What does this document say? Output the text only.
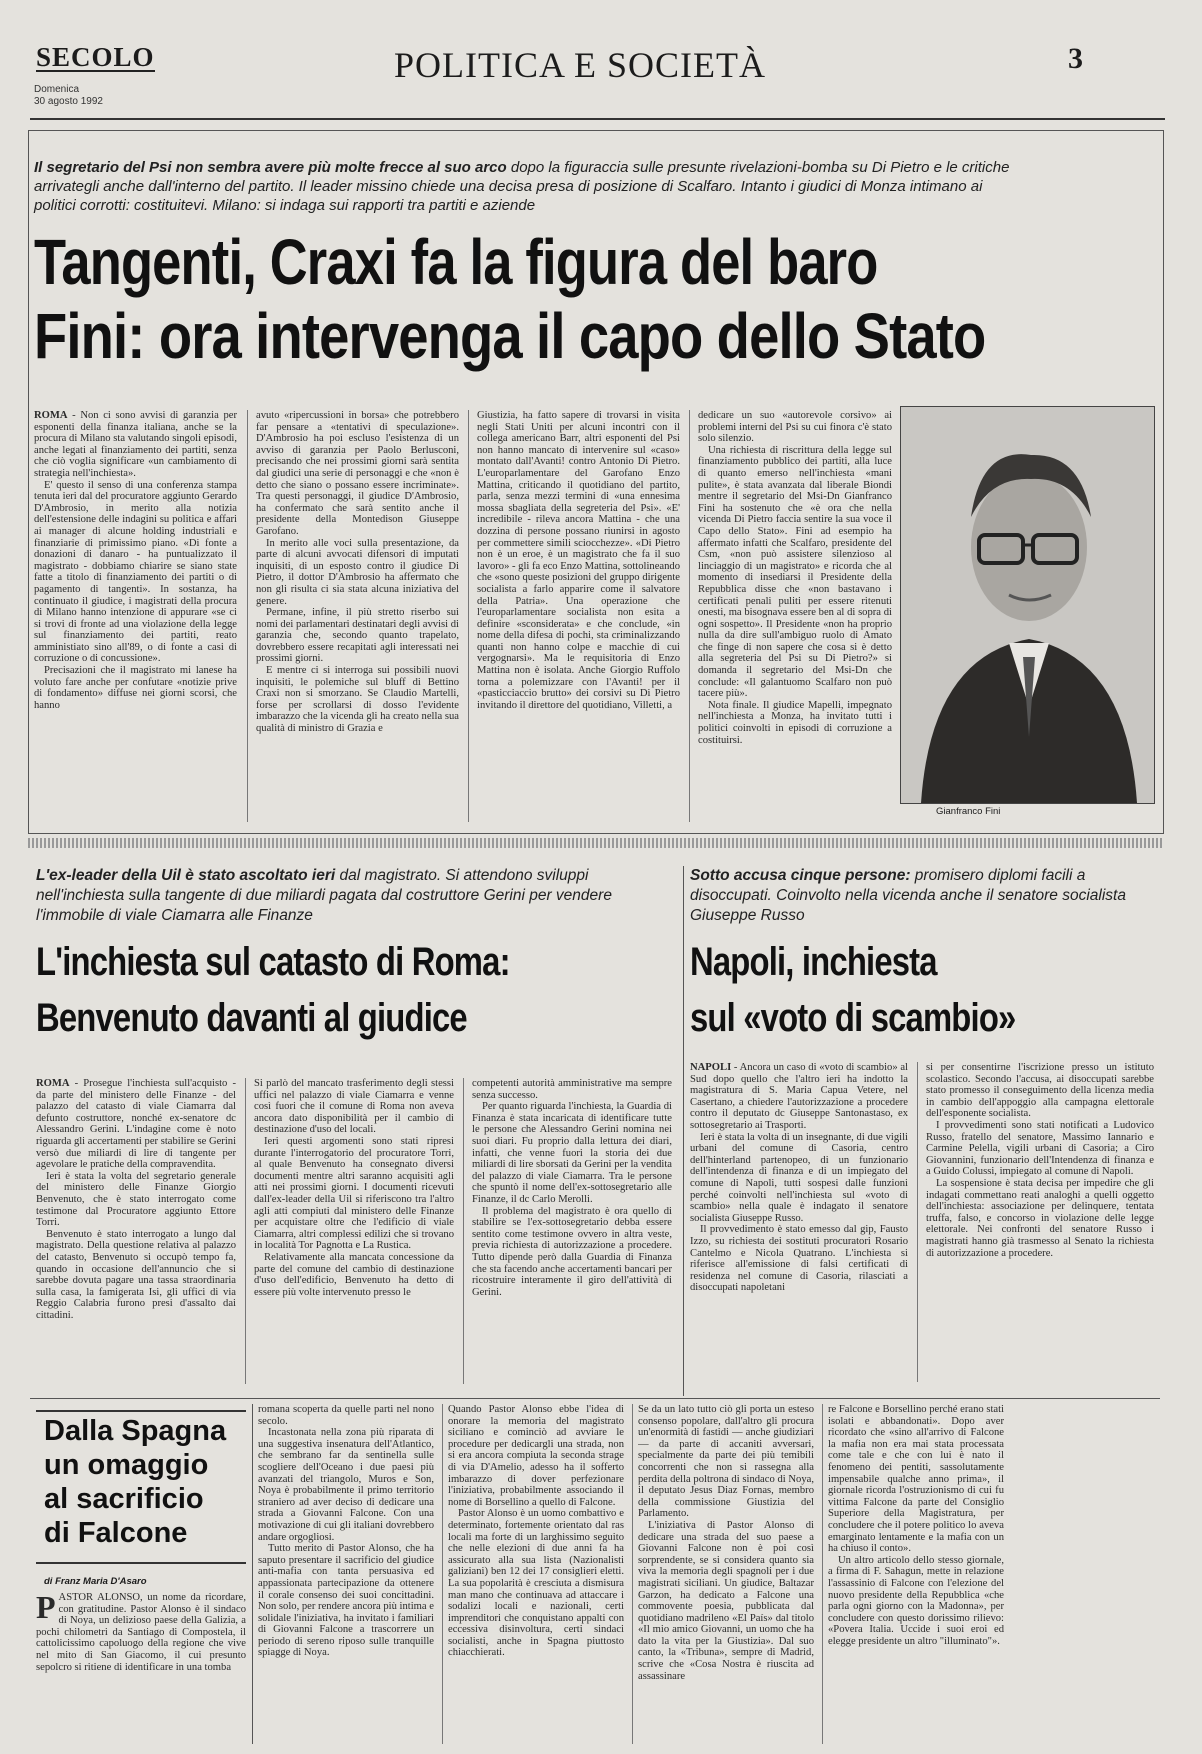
SECOLO
Domenica
30 agosto 1992
POLITICA E SOCIETÀ	3
Il segretario del Psi non sembra avere più molte frecce al suo arco dopo la figuraccia sulle presunte rivelazioni-bomba su Di Pietro e le critiche arrivategli anche dall'interno del partito. Il leader missino chiede una decisa presa di posizione di Scalfaro. Intanto i giudici di Monza intimano ai politici corrotti: costituitevi. Milano: si indaga sui rapporti tra partiti e aziende
Tangenti, Craxi fa la figura del baro
Fini: ora intervenga il capo dello Stato

ROMA - Non ci sono avvisi di garanzia per esponenti della finanza italiana, anche se la procura di Milano sta valutando singoli episodi, anche legati al finanziamento dei partiti, senza che ciò voglia significare «un cambiamento di strategia nell'inchiesta».

E' questo il senso di una conferenza stampa tenuta ieri dal del procuratore aggiunto Gerardo D'Ambrosio, in merito alla notizia dell'estensione delle indagini su politica e affari ai manager di alcune holding industriali e finanziarie di primissimo piano. «Di fonte a donazioni di danaro - ha puntualizzato il magistrato - dobbiamo chiarire se siano state fatte a titolo di finanziamento dei partiti o di pagamento di tangenti». In sostanza, ha continuato il giudice, i magistrati della procura di Milano hanno intenzione di appurare «se ci si trovi di fronte ad una violazione della legge sul finanziamento dei partiti, reato amministiato sino all'89, o di fonte a casi di corruzione o di concussione».

Precisazioni che il magistrato mi lanese ha voluto fare anche per confutare «notizie prive di fondamento» diffuse nei giorni scorsi, che hanno

avuto «ripercussioni in borsa» che potrebbero far pensare a «tentativi di speculazione». D'Ambrosio ha poi escluso l'esistenza di un avviso di garanzia per Paolo Berlusconi, precisando che nei prossimi giorni sarà sentita dal giudici una serie di personaggi e che «non è detto che siano o possano essere incriminate». Tra questi personaggi, il giudice D'Ambrosio, ha confermato che sarà sentito anche il presidente della Montedison Giuseppe Garofano.

In merito alle voci sulla presentazione, da parte di alcuni avvocati difensori di imputati inquisiti, di un esposto contro il giudice Di Pietro, il dottor D'Ambrosio ha affermato che non gli risulta ci sia stata alcuna iniziativa del genere.

Permane, infine, il più stretto riserbo sui nomi dei parlamentari destinatari degli avvisi di garanzia che, secondo quanto trapelato, dovrebbero essere recapitati agli interessati nei prossimi giorni.

E mentre ci si interroga sui possibili nuovi inquisiti, le polemiche sul bluff di Bettino Craxi non si smorzano. Se Claudio Martelli, forse per scrollarsi di dosso l'evidente imbarazzo che la vicenda gli ha creato nella sua qualità di ministro di Grazia e

Giustizia, ha fatto sapere di trovarsi in visita negli Stati Uniti per alcuni incontri con il collega americano Barr, altri esponenti del Psi non hanno mancato di intervenire sul «caso» montato dall'Avanti! contro Antonio Di Pietro. L'europarlamentare del Garofano Enzo Mattina, criticando il quotidiano del partito, parla, senza mezzi termini di «una ennesima mossa sbagliata della segreteria del Psi». «E' incredibile - rileva ancora Mattina - che una dozzina di persone possano riunirsi in agosto per commettere simili sciocchezze». «Di Pietro non è un eroe, è un magistrato che fa il suo lavoro» - gli fa eco Enzo Mattina, sottolineando che «sono queste posizioni del gruppo dirigente socialista a farlo apparire come il salvatore della Patria». Una operazione che l'europarlamentare socialista non esita a definire «sconsiderata» e che conclude, «in nome della difesa di pochi, sta criminalizzando quanti non hanno colpe e macchie di cui vergognarsi». Ma le requisitoria di Enzo Mattina non è isolata. Anche Giorgio Ruffolo torna a polemizzare con l'Avanti! per il «pasticciaccio brutto» dei corsivi su Di Pietro invitando il direttore del quotidiano, Villetti, a

dedicare un suo «autorevole corsivo» ai problemi interni del Psi su cui finora c'è stato solo silenzio.

Una richiesta di riscrittura della legge sul finanziamento pubblico dei partiti, alla luce di quanto emerso nell'inchiesta «mani pulite», è stata avanzata dal liberale Biondi mentre il segretario del Msi-Dn Gianfranco Fini ha sostenuto che «è ora che nella vicenda Di Pietro faccia sentire la sua voce il Capo dello Stato». Fini ad esempio ha affermato infatti che Scalfaro, presidente del Csm, «non può assistere silenzioso al linciaggio di un magistrato» e ricorda che al momento di insediarsi il Presidente della Repubblica disse che «non bastavano i certificati penali puliti per essere ritenuti onesti, ma bisognava essere ben al di sopra di ogni sospetto». Il Presidente «non ha proprio nulla da dire sull'ambiguo ruolo di Amato che finge di non sapere che cosa si è detto alla segreteria del Psi su Di Pietro?» si domanda il segretario del Msi-Dn che conclude: «Il galantuomo Scalfaro non può tacere più».

Nota finale. Il giudice Mapelli, impegnato nell'inchiesta a Monza, ha invitato tutti i politici coinvolti in episodi di corruzione a costituirsi.

Gianfranco Fini
L'ex-leader della Uil è stato ascoltato ieri dal magistrato. Si attendono sviluppi nell'inchiesta sulla tangente di due miliardi pagata dal costruttore Gerini per vendere l'immobile di viale Ciamarra alle Finanze
L'inchiesta sul catasto di Roma:
Benvenuto davanti al giudice

ROMA - Prosegue l'inchiesta sull'acquisto - da parte del ministero delle Finanze - del palazzo del catasto di viale Ciamarra dal defunto costruttore, nonché ex-senatore dc Alessandro Gerini. L'indagine come è noto riguarda gli accertamenti per stabilire se Gerini versò due miliardi di lire di tangente per agevolare le pratiche della compravendita.

Ieri è stata la volta del segretario generale del ministero delle Finanze Giorgio Benvenuto, che è stato interrogato come testimone dal Procuratore aggiunto Ettore Torri.

Benvenuto è stato interrogato a lungo dal magistrato. Della questione relativa al palazzo del catasto, Benvenuto si occupò tempo fa, quando in occasione dell'annuncio che si sarebbe dovuta pagare una tassa straordinaria sulla casa, la famigerata Isi, gli uffici di via Reggio Calabria furono presi d'assalto dai cittadini.

Si parlò del mancato trasferimento degli stessi uffici nel palazzo di viale Ciamarra e venne così fuori che il comune di Roma non aveva ancora dato disponibilità per il cambio di destinazione d'uso del locali.

Ieri questi argomenti sono stati ripresi durante l'interrogatorio del procuratore Torri, al quale Benvenuto ha consegnato diversi documenti mentre altri saranno acquisiti agli atti nei prossimi giorni. I documenti ricevuti dall'ex-leader della Uil si riferiscono tra l'altro agli atti compiuti dal ministero delle Finanze per acquistare oltre che l'edificio di viale Ciamarra, altri complessi edilizi che si trovano in località Tor Pagnotta e La Rustica.

Relativamente alla mancata concessione da parte del comune del cambio di destinazione d'uso dell'edificio, Benvenuto ha detto di essere più volte intervenuto presso le

competenti autorità amministrative ma sempre senza successo.

Per quanto riguarda l'inchiesta, la Guardia di Finanza è stata incaricata di identificare tutte le persone che Alessandro Gerini nomina nei suoi diari. Fu proprio dalla lettura dei diari, infatti, che venne fuori la storia dei due miliardi di lire sborsati da Gerini per la vendita del palazzo di viale Ciamarra. Tra le persone che spuntò il nome dell'ex-sottosegretario alle Finanze, il dc Carlo Merolli.

Il problema del magistrato è ora quello di stabilire se l'ex-sottosegretario debba essere sentito come testimone ovvero in altra veste, previa richiesta di autorizzazione a procedere. Tutto dipende però dalla Guardia di Finanza che sta facendo anche accertamenti bancari per ricostruire interamente il giro dell'attività di Gerini.

Sotto accusa cinque persone: promisero diplomi facili a disoccupati. Coinvolto nella vicenda anche il senatore socialista Giuseppe Russo
Napoli, inchiesta
sul «voto di scambio»

NAPOLI - Ancora un caso di «voto di scambio» al Sud dopo quello che l'altro ieri ha indotto la magistratura di S. Maria Capua Vetere, nel Casertano, a chiedere l'autorizzazione a procedere contro il deputato dc Giuseppe Santonastaso, ex sottosegretario ai Trasporti.

Ieri è stata la volta di un insegnante, di due vigili urbani del comune di Casoria, centro dell'hinterland partenopeo, di un funzionario dell'intendenza di finanza e di un impiegato del comune di Napoli, tutti sospesi dalle funzioni perché coinvolti nell'inchiesta sul «voto di scambio» nella quale è indagato il senatore socialista Giuseppe Russo.

Il provvedimento è stato emesso dal gip, Fausto Izzo, su richiesta dei sostituti procuratori Rosario Cantelmo e Nicola Quatrano. L'inchiesta si riferisce all'emissione di falsi certificati di residenza nel comune di Casoria, rilasciati a disoccupati napoletani

si per consentirne l'iscrizione presso un istituto scolastico. Secondo l'accusa, ai disoccupati sarebbe stato promesso il conseguimento della licenza media in cambio dell'appoggio alla campagna elettorale dell'esponente socialista.

I provvedimenti sono stati notificati a Ludovico Russo, fratello del senatore, Massimo Iannario e Carmine Pelella, vigili urbani di Casoria; a Ciro Giovannini, funzionario dell'Intendenza di finanza e a Guido Colussi, impiegato al comune di Napoli.

La sospensione è stata decisa per impedire che gli indagati commettano reati analoghi a quelli oggetto dell'inchiesta: associazione per delinquere, tentata truffa, falso, e concorso in violazione delle legge elettorale. Nei confronti del senatore Russo i magistrati hanno già trasmesso al Senato la richiesta di autorizzazione a procedere.

Dalla Spagna
un omaggio
al sacrificio
di Falcone
di Franz Maria D'Asaro

PASTOR ALONSO, un nome da ricordare, con gratitudine. Pastor Alonso è il sindaco di Noya, un delizioso paese della Galizia, a pochi chilometri da Santiago di Compostela, il cattolicissimo capoluogo della regione che vive nel mito di San Giacomo, il cui presunto sepolcro si ritiene di identificare in una tomba

romana scoperta da quelle parti nel nono secolo.

Incastonata nella zona più riparata di una suggestiva insenatura dell'Atlantico, che sembrano far da sentinella sulle scogliere dell'Oceano i due paesi più avanzati del triangolo, Muros e Son, Noya è probabilmente il primo territorio straniero ad aver deciso di dedicare una strada a Giovanni Falcone. Con una motivazione di cui gli italiani dovrebbero andare orgogliosi.

Tutto merito di Pastor Alonso, che ha saputo presentare il sacrificio del giudice anti-mafia con tanta persuasiva ed appassionata partecipazione da ottenere il corale consenso dei suoi concittadini. Non solo, per rendere ancora più intima e solidale l'iniziativa, ha invitato i familiari di Giovanni Falcone a trascorrere un periodo di sereno riposo sulle tranquille spiagge di Noya.

Quando Pastor Alonso ebbe l'idea di onorare la memoria del magistrato siciliano e cominciò ad avviare le procedure per dedicargli una strada, non si era ancora compiuta la seconda strage di via D'Amelio, adesso ha il sofferto imbarazzo di dover perfezionare l'iniziativa, probabilmente associando il nome di Borsellino a quello di Falcone.

Pastor Alonso è un uomo combattivo e determinato, fortemente orientato dal ras locali ma forte di un larghissimo seguito che nelle elezioni di due anni fa ha assicurato alla sua lista (Nazionalisti galiziani) ben 12 dei 17 consiglieri eletti. La sua popolarità è cresciuta a dismisura man mano che continuava ad attaccare i sodalizi locali e nazionali, certi imprenditori che conquistano appalti con eccessiva disinvoltura, certi sindaci socialisti, anche in Spagna piuttosto chiacchierati.

Se da un lato tutto ciò gli porta un esteso consenso popolare, dall'altro gli procura un'enormità di fastidi — anche giudiziari — da parte di accaniti avversari, specialmente da parte dei più temibili concorrenti che non si rassegna alla perdita della poltrona di sindaco di Noya, il deputato Jesus Diaz Fornas, membro della commissione Giustizia del Parlamento.

L'iniziativa di Pastor Alonso di dedicare una strada del suo paese a Giovanni Falcone non è poi così sorprendente, se si considera quanto sia viva la memoria degli spagnoli per i due magistrati siciliani. Un giudice, Baltazar Garzon, ha dedicato a Falcone una commovente poesia, pubblicata dal quotidiano madrileno «El País» dal titolo «Il mio amico Giovanni, un uomo che ha dato la vita per la Giustizia». Dal suo canto, la «Tribuna», sempre di Madrid, scrive che «Cosa Nostra è riuscita ad assassinare

re Falcone e Borsellino perché erano stati isolati e abbandonati». Dopo aver ricordato che «sino all'arrivo di Falcone la mafia non era mai stata processata come tale e che con lui è nato il fenomeno dei pentiti, sassolutamente impensabile qualche anno prima», il giornale ricorda l'ostruzionismo di cui fu vittima Falcone da parte del Consiglio Superiore della Magistratura, per concludere che il potere politico lo aveva emarginato lentamente e la mafia con un ha chiuso il conto».

Un altro articolo dello stesso giornale, a firma di F. Sahagun, mette in relazione l'assassinio di Falcone con l'elezione del nuovo presidente della Repubblica «che parla ogni giorno con la Madonna», per concludere con questo dorissimo rilievo: «Povera Italia. Uccide i suoi eroi ed elegge presidente un altro "illuminato"».
